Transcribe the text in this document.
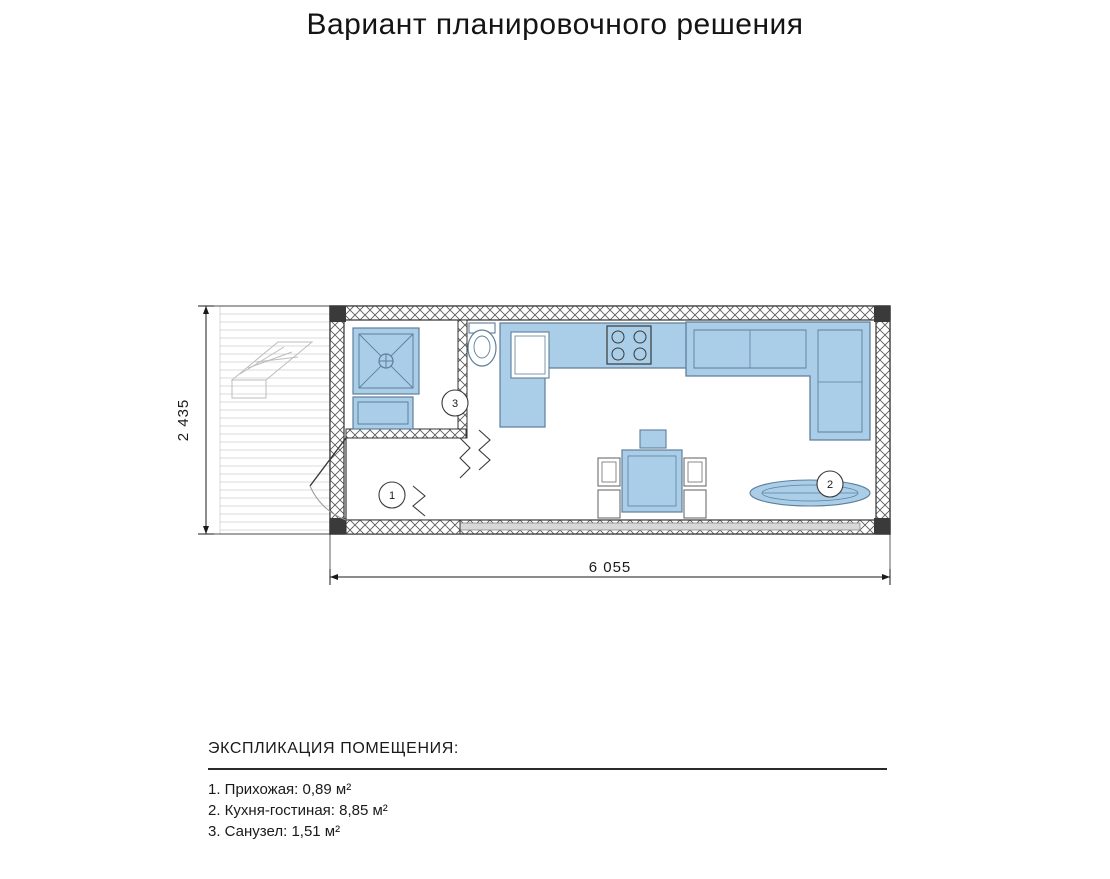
Вариант планировочного решения
1
2
3
2 435
6 055
ЭКСПЛИКАЦИЯ ПОМЕЩЕНИЯ:
1. Прихожая: 0,89 м²
2. Кухня-гостиная: 8,85 м²
3. Санузел: 1,51 м²
